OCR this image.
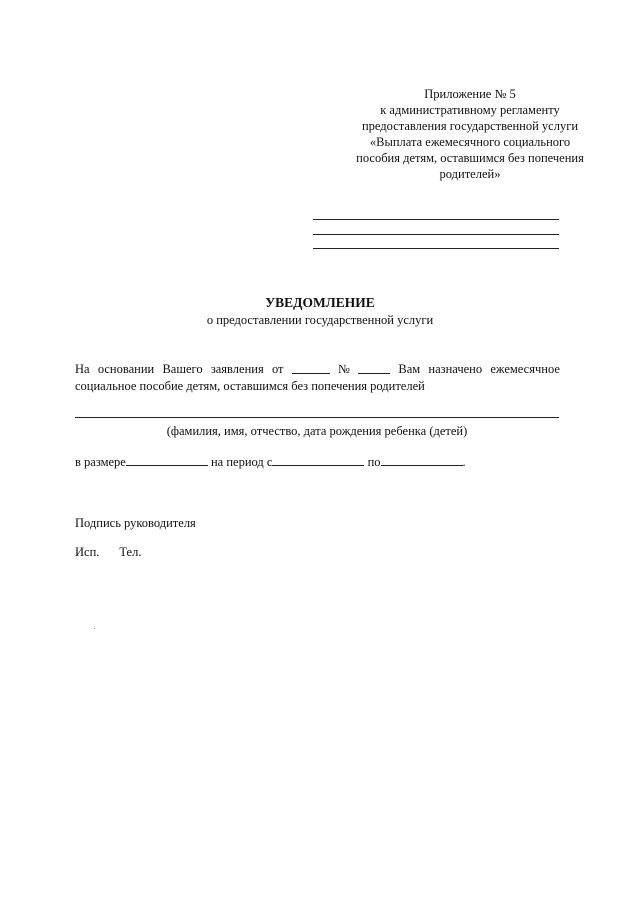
Приложение № 5
к административному регламенту
предоставления государственной услуги
«Выплата ежемесячного социального
пособия детям, оставшимся без попечения
родителей»
УВЕДОМЛЕНИЕ
о предоставлении государственной услуги
На основании Вашего заявления от	№	Вам назначено ежемесячное
социальное пособие детям, оставшимся без попечения родителей
(фамилия, имя, отчество, дата рождения ребенка (детей)
в размере	на период с	по	.
Подпись руководителя
Исп. Тел.
